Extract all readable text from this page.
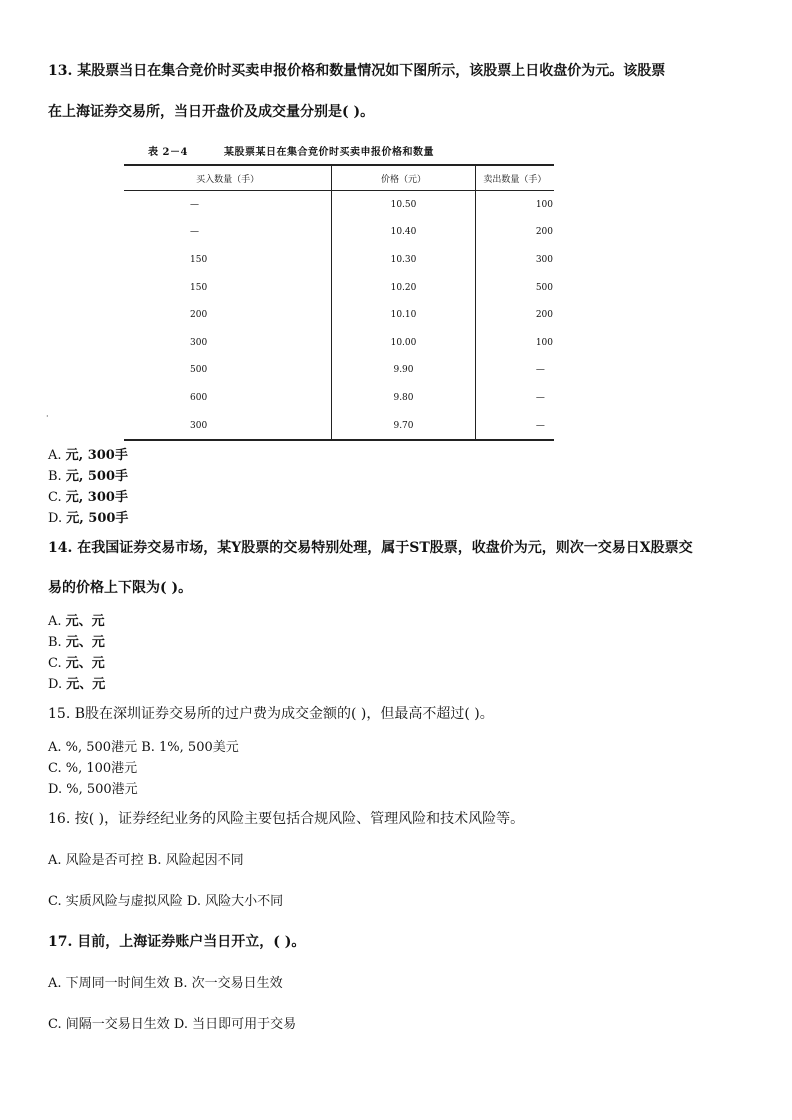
13. 某股票当日在集合竞价时买卖申报价格和数量情况如下图所示，该股票上日收盘价为元。该股票
在上海证券交易所，当日开盘价及成交量分别是( )。
表 2－4	某股票某日在集合竞价时买卖申报价格和数量
买入数量（手）	价格（元）	卖出数量（手）
—	10.50	100
—	10.40	200
150	10.30	300
150	10.20	500
200	10.10	200
300	10.00	100
500	9.90	—
600	9.80	—
300	9.70	—
·
A. 元, 300手
B. 元, 500手
C. 元, 300手
D. 元, 500手
14. 在我国证券交易市场，某Y股票的交易特别处理，属于ST股票，收盘价为元，则次一交易日X股票交
易的价格上下限为( )。
A. 元、元
B. 元、元
C. 元、元
D. 元、元
15. B股在深圳证券交易所的过户费为成交金额的( )，但最高不超过( )。
A. %, 500港元 B. 1%, 500美元
C. %, 100港元
D. %, 500港元
16. 按( )，证券经纪业务的风险主要包括合规风险、管理风险和技术风险等。
A. 风险是否可控 B. 风险起因不同
C. 实质风险与虚拟风险 D. 风险大小不同
17. 目前，上海证券账户当日开立，( )。
A. 下周同一时间生效 B. 次一交易日生效
C. 间隔一交易日生效 D. 当日即可用于交易
